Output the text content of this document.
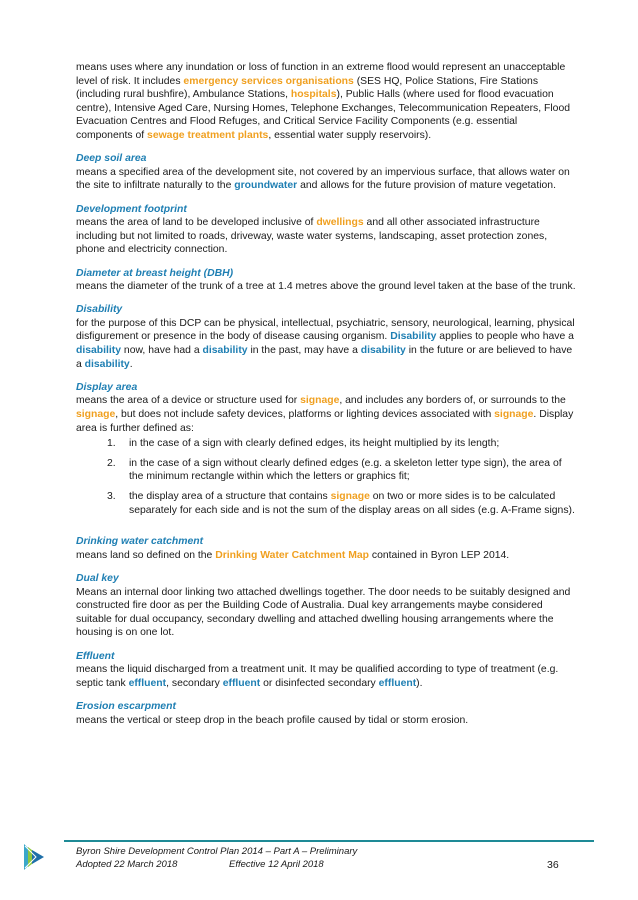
means uses where any inundation or loss of function in an extreme flood would represent an unacceptable level of risk. It includes emergency services organisations (SES HQ, Police Stations, Fire Stations (including rural bushfire), Ambulance Stations, hospitals), Public Halls (where used for flood evacuation centre), Intensive Aged Care, Nursing Homes, Telephone Exchanges, Telecommunication Repeaters, Flood Evacuation Centres and Flood Refuges, and Critical Service Facility Components (e.g. essential components of sewage treatment plants, essential water supply reservoirs).

Deep soil area

means a specified area of the development site, not covered by an impervious surface, that allows water on the site to infiltrate naturally to the groundwater and allows for the future provision of mature vegetation.

Development footprint

means the area of land to be developed inclusive of dwellings and all other associated infrastructure including but not limited to roads, driveway, waste water systems, landscaping, asset protection zones, phone and electricity connection.

Diameter at breast height (DBH)

means the diameter of the trunk of a tree at 1.4 metres above the ground level taken at the base of the trunk.

Disability

for the purpose of this DCP can be physical, intellectual, psychiatric, sensory, neurological, learning, physical disfigurement or presence in the body of disease causing organism. Disability applies to people who have a disability now, have had a disability in the past, may have a disability in the future or are believed to have a disability.

Display area

means the area of a device or structure used for signage, and includes any borders of, or surrounds to the signage, but does not include safety devices, platforms or lighting devices associated with signage. Display area is further defined as:

1.	in the case of a sign with clearly defined edges, its height multiplied by its length;
2.	in the case of a sign without clearly defined edges (e.g. a skeleton letter type sign), the area of the minimum rectangle within which the letters or graphics fit;
3.	the display area of a structure that contains signage on two or more sides is to be calculated separately for each side and is not the sum of the display areas on all sides (e.g. A-Frame signs).
Drinking water catchment

means land so defined on the Drinking Water Catchment Map contained in Byron LEP 2014.

Dual key

Means an internal door linking two attached dwellings together. The door needs to be suitably designed and constructed fire door as per the Building Code of Australia. Dual key arrangements maybe considered suitable for dual occupancy, secondary dwelling and attached dwelling housing arrangements where the housing is on one lot.

Effluent

means the liquid discharged from a treatment unit. It may be qualified according to type of treatment (e.g. septic tank effluent, secondary effluent or disinfected secondary effluent).

Erosion escarpment

means the vertical or steep drop in the beach profile caused by tidal or storm erosion.

Byron Shire Development Control Plan 2014 – Part A – Preliminary
Adopted 22 March 2018	Effective 12 April 2018	36
